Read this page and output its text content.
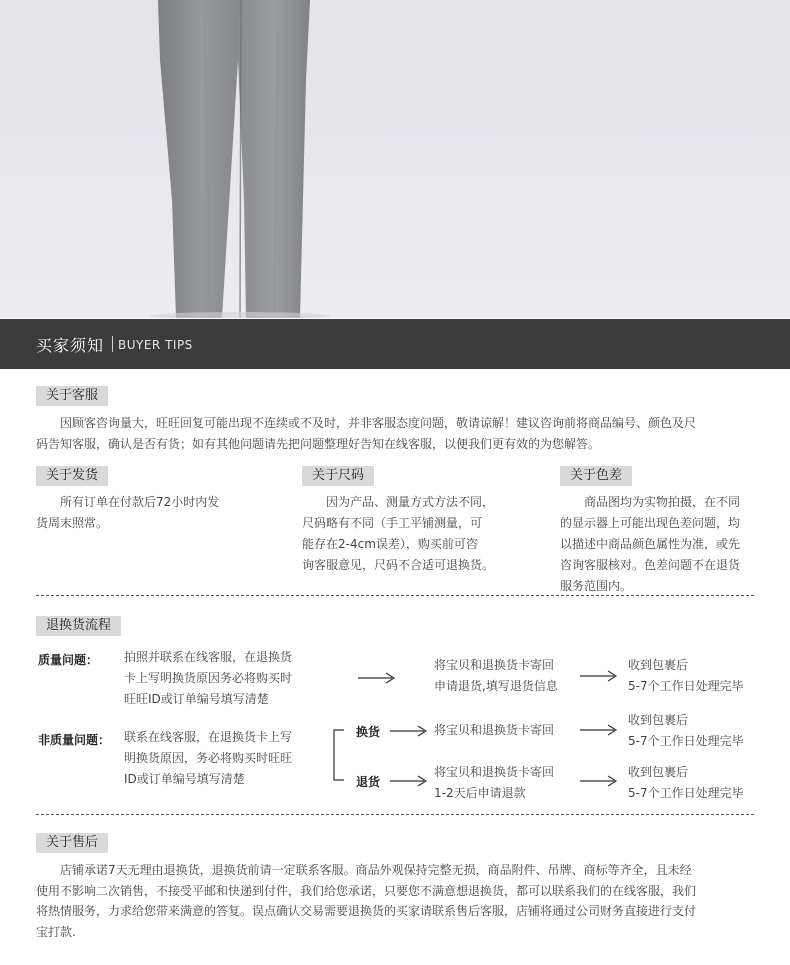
买家须知 BUYER TIPS
关于客服
　　因顾客咨询量大，旺旺回复可能出现不连续或不及时，并非客服态度问题，敬请谅解！建议咨询前将商品编号、颜色及尺
码告知客服，确认是否有货；如有其他问题请先把问题整理好告知在线客服，以便我们更有效的为您解答。
关于发货
　　所有订单在付款后72小时内发
货周末照常。
关于尺码
　　因为产品、测量方式方法不同，
尺码略有不同（手工平铺测量，可
能存在2-4cm误差），购买前可咨
询客服意见，尺码不合适可退换货。
关于色差
　　商品图均为实物拍摄，在不同
的显示器上可能出现色差问题，均
以描述中商品颜色属性为准，或先
咨询客服核对。色差问题不在退货
服务范围内。
退换货流程
质量问题： 拍照并联系在线客服，在退换货
卡上写明换货原因务必将购买时
旺旺ID或订单编号填写清楚
将宝贝和退换货卡寄回
申请退货,填写退货信息
收到包裹后
5-7个工作日处理完毕
非质量问题： 联系在线客服，在退换货卡上写
明换货原因，务必将购买时旺旺
ID或订单编号填写清楚
换货	将宝贝和退换货卡寄回
收到包裹后
5-7个工作日处理完毕
退货
将宝贝和退换货卡寄回
1-2天后申请退款
收到包裹后
5-7个工作日处理完毕
关于售后
　　店铺承诺7天无理由退换货，退换货前请一定联系客服。商品外观保持完整无损，商品附件、吊牌、商标等齐全，且未经
使用不影响二次销售，不接受平邮和快递到付件，我们给您承诺，只要您不满意想退换货，都可以联系我们的在线客服，我们
将热情服务，力求给您带来满意的答复。误点确认交易需要退换货的买家请联系售后客服，店铺将通过公司财务直接进行支付
宝打款.
